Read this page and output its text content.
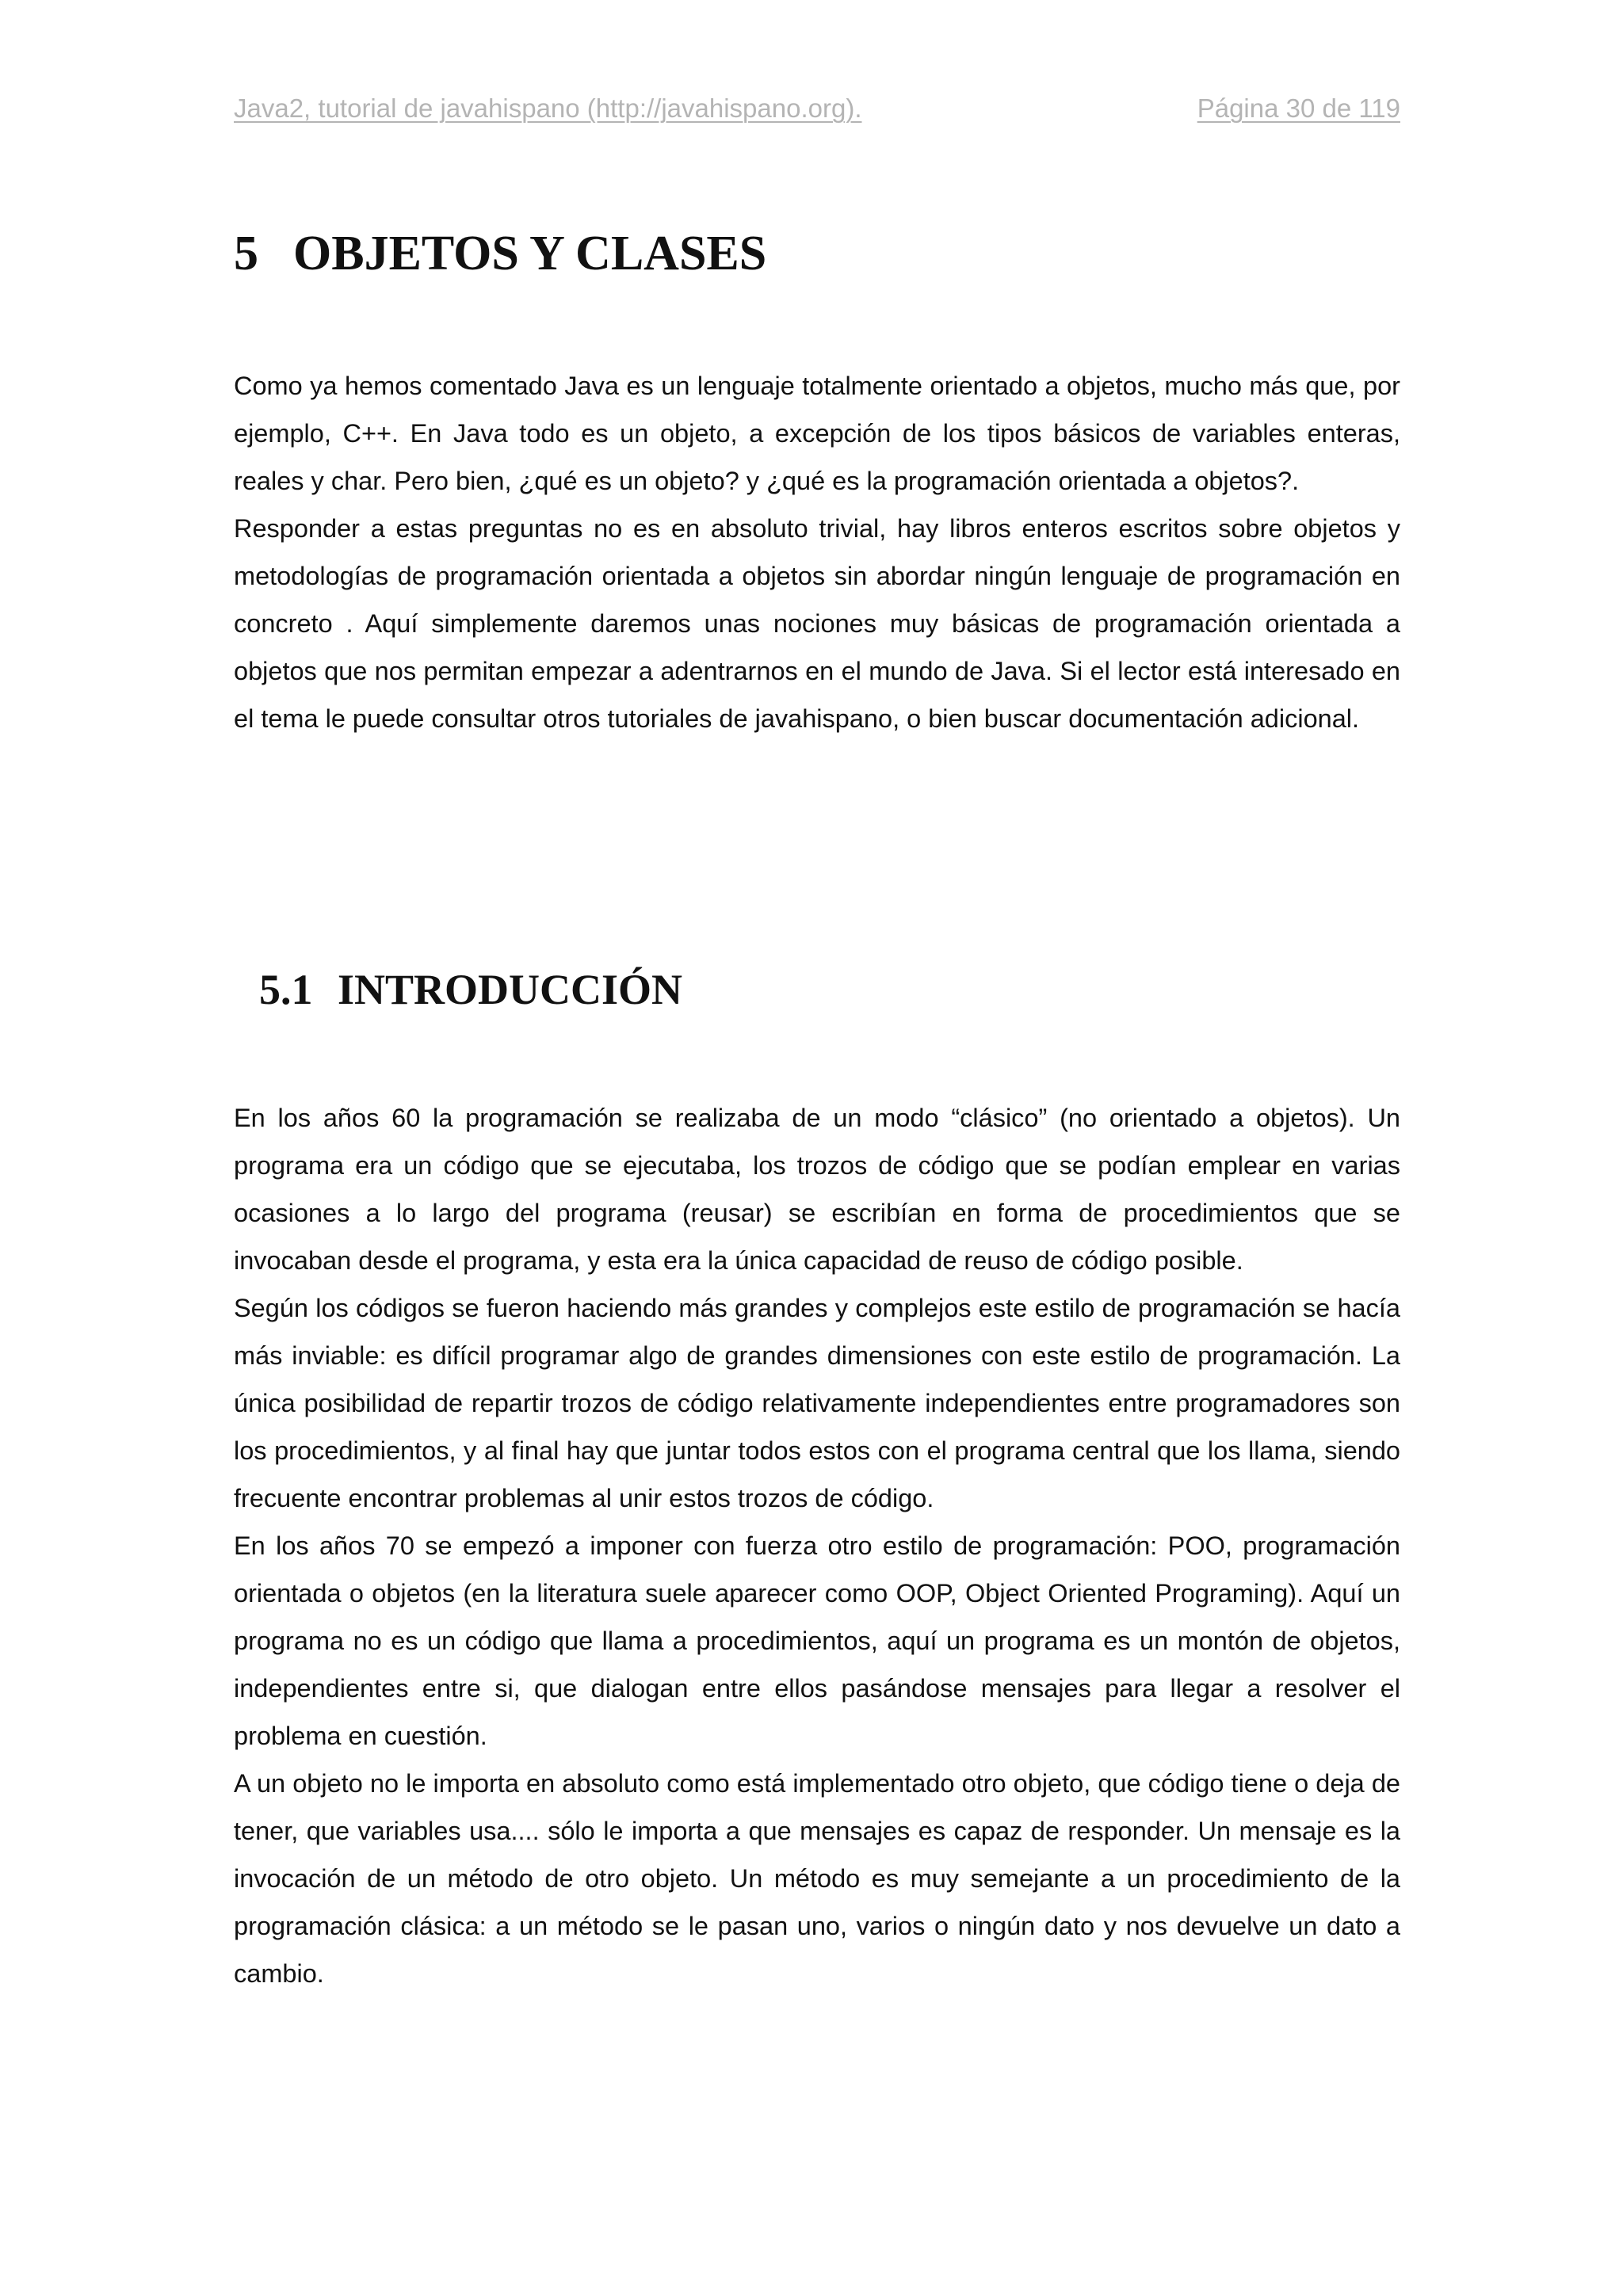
Java2, tutorial de javahispano (http://javahispano.org).	Página 30 de 119
5 OBJETOS Y CLASES

Como ya hemos comentado Java es un lenguaje totalmente orientado a objetos, mucho más que, por ejemplo, C++. En Java todo es un objeto, a excepción de los tipos básicos de variables enteras, reales y char. Pero bien, ¿qué es un objeto? y ¿qué es la programación orientada a objetos?.

Responder a estas preguntas no es en absoluto trivial, hay libros enteros escritos sobre objetos y metodologías de programación orientada a objetos sin abordar ningún lenguaje de programación en concreto . Aquí simplemente daremos unas nociones muy básicas de programación orientada a objetos que nos permitan empezar a adentrarnos en el mundo de Java. Si el lector está interesado en el tema le puede consultar otros tutoriales de javahispano, o bien buscar documentación adicional.

5.1 INTRODUCCIÓN

En los años 60 la programación se realizaba de un modo “clásico” (no orientado a objetos). Un programa era un código que se ejecutaba, los trozos de código que se podían emplear en varias ocasiones a lo largo del programa (reusar) se escribían en forma de procedimientos que se invocaban desde el programa, y esta era la única capacidad de reuso de código posible.

Según los códigos se fueron haciendo más grandes y complejos este estilo de programación se hacía más inviable: es difícil programar algo de grandes dimensiones con este estilo de programación. La única posibilidad de repartir trozos de código relativamente independientes entre programadores son los procedimientos, y al final hay que juntar todos estos con el programa central que los llama, siendo frecuente encontrar problemas al unir estos trozos de código.

En los años 70 se empezó a imponer con fuerza otro estilo de programación: POO, programación orientada o objetos (en la literatura suele aparecer como OOP, Object Oriented Programing). Aquí un programa no es un código que llama a procedimientos, aquí un programa es un montón de objetos, independientes entre si, que dialogan entre ellos pasándose mensajes para llegar a resolver el problema en cuestión.

A un objeto no le importa en absoluto como está implementado otro objeto, que código tiene o deja de tener, que variables usa.... sólo le importa a que mensajes es capaz de responder. Un mensaje es la invocación de un método de otro objeto. Un método es muy semejante a un procedimiento de la programación clásica: a un método se le pasan uno, varios o ningún dato y nos devuelve un dato a cambio.
